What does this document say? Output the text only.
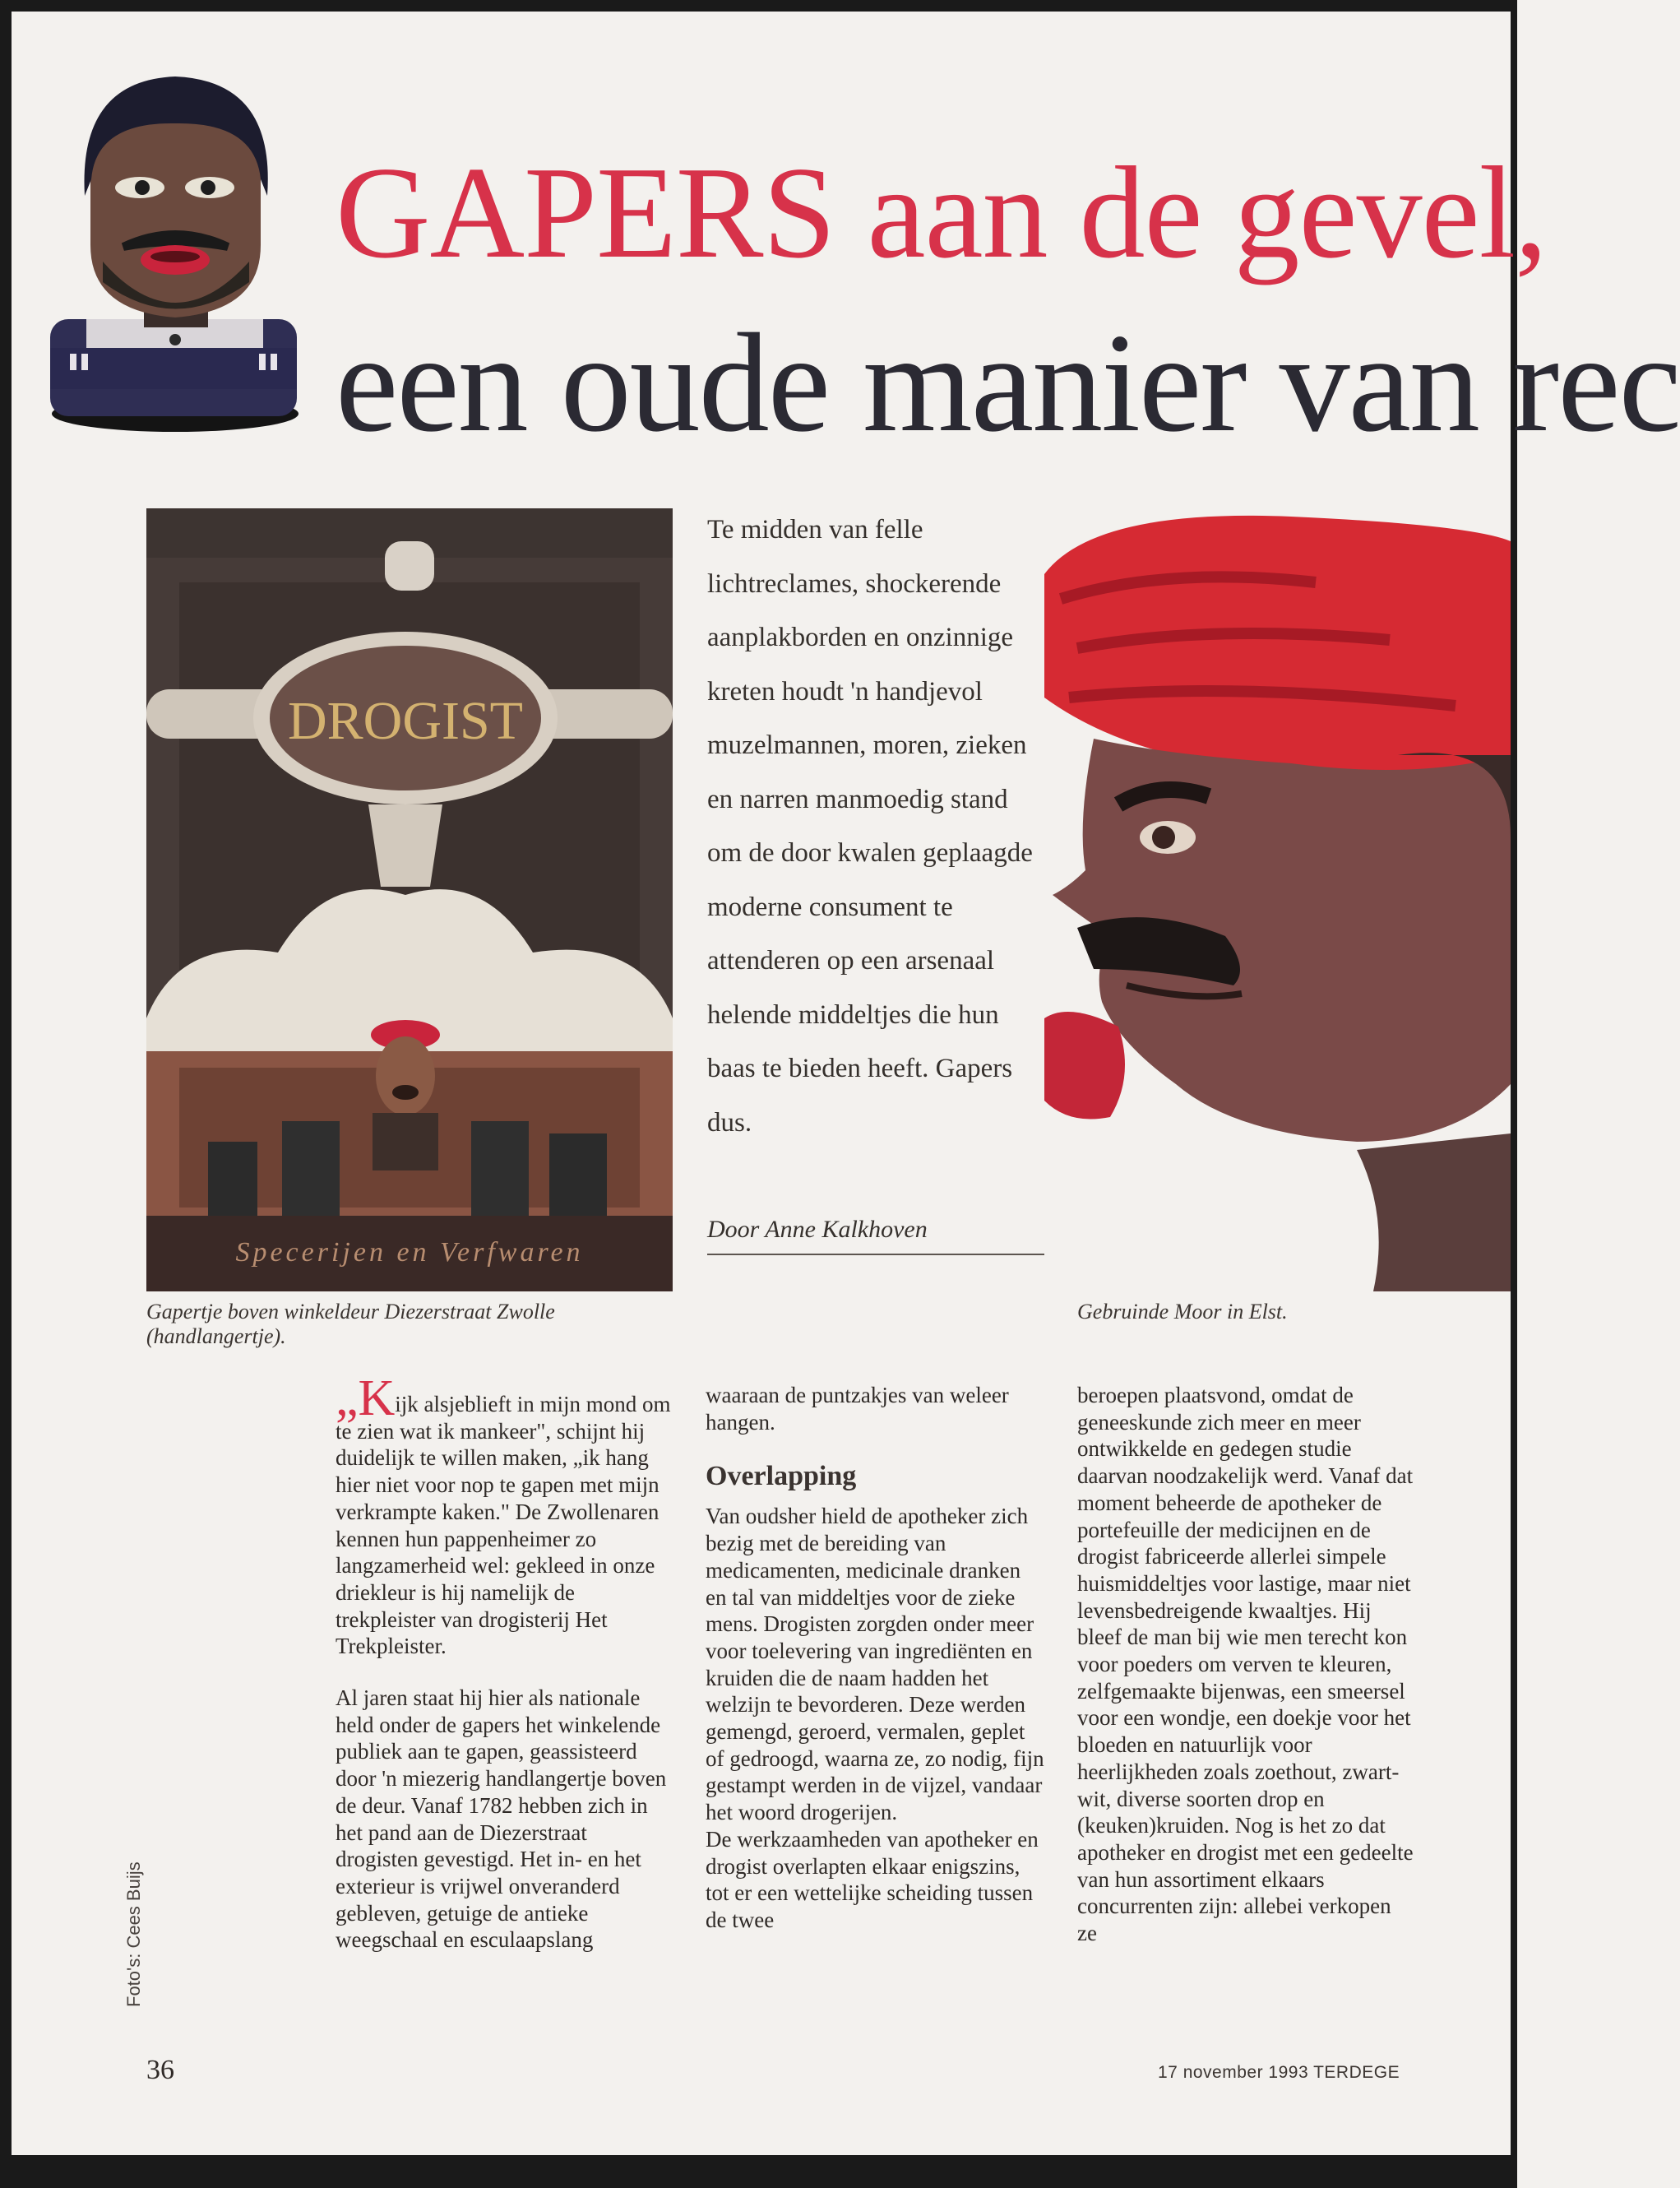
GAPERS aan de gevel,
een oude manier van rec
DROGIST
Specerijen en Verfwaren
Gapertje boven winkeldeur Diezerstraat Zwolle (handlangertje).
Te midden van felle lichtreclames, shockerende aanplakborden en onzinnige kreten houdt 'n handjevol muzelmannen, moren, zieken en narren manmoedig stand om de door kwalen geplaagde moderne consument te attenderen op een arsenaal helende middeltjes die hun baas te bieden heeft. Gapers dus.
Door Anne Kalkhoven
Gebruinde Moor in Elst.

„Kijk alsjeblieft in mijn mond om te zien wat ik mankeer", schijnt hij duidelijk te willen maken, „ik hang hier niet voor nop te gapen met mijn verkrampte kaken." De Zwollenaren kennen hun pappenheimer zo langzamerheid wel: gekleed in onze driekleur is hij namelijk de trekpleister van drogisterij Het Trekpleister.

Al jaren staat hij hier als nationale held onder de gapers het winkelende publiek aan te gapen, geassisteerd door 'n miezerig handlangertje boven de deur. Vanaf 1782 hebben zich in het pand aan de Diezerstraat drogisten gevestigd. Het in- en het exterieur is vrijwel onveranderd gebleven, getuige de antieke weegschaal en esculaapslang

waaraan de puntzakjes van weleer hangen.

Overlapping

Van oudsher hield de apotheker zich bezig met de bereiding van medicamenten, medicinale dranken en tal van middeltjes voor de zieke mens. Drogisten zorgden onder meer voor toelevering van ingrediënten en kruiden die de naam hadden het welzijn te bevorderen. Deze werden gemengd, geroerd, vermalen, geplet of gedroogd, waarna ze, zo nodig, fijn gestampt werden in de vijzel, vandaar het woord drogerijen.

De werkzaamheden van apotheker en drogist overlapten elkaar enigszins, tot er een wettelijke scheiding tussen de twee

beroepen plaatsvond, omdat de geneeskunde zich meer en meer ontwikkelde en gedegen studie daarvan noodzakelijk werd. Vanaf dat moment beheerde de apotheker de portefeuille der medicijnen en de drogist fabriceerde allerlei simpele huismiddeltjes voor lastige, maar niet levensbedreigende kwaaltjes. Hij bleef de man bij wie men terecht kon voor poeders om verven te kleuren, zelfgemaakte bijenwas, een smeersel voor een wondje, een doekje voor het bloeden en natuurlijk voor heerlijkheden zoals zoethout, zwart-wit, diverse soorten drop en (keuken)kruiden. Nog is het zo dat apotheker en drogist met een gedeelte van hun assortiment elkaars concurrenten zijn: allebei verkopen ze

Foto's: Cees Buijs
36	17 november 1993 TERDEGE
